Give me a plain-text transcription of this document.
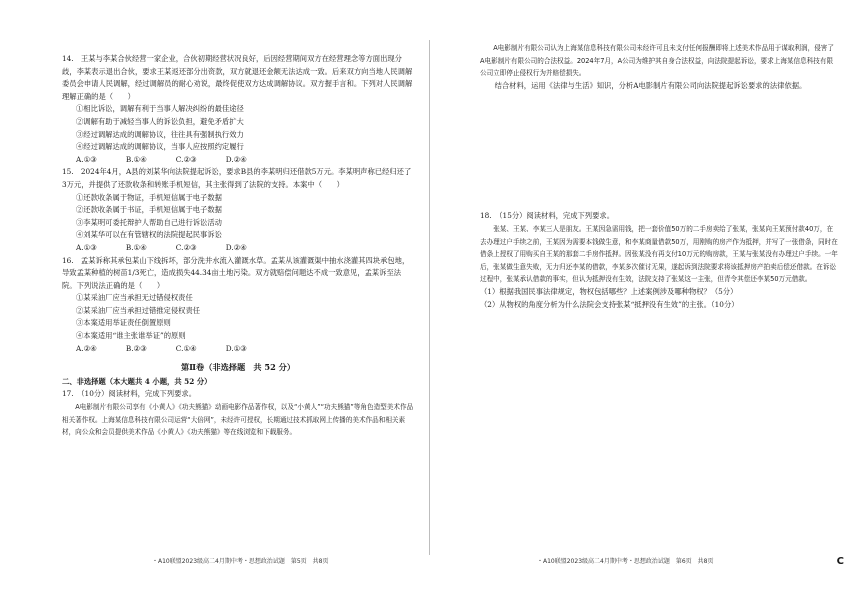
14.　王某与李某合伙经营一家企业，合伙初期经营状况良好，后因经营期间双方在经营理念等方面出现分歧，李某表示退出合伙，要求王某返还部分出资款，双方就退还金额无法达成一致。后来双方向当地人民调解委员会申请人民调解，经过调解员的耐心劝说，最终促使双方达成调解协议。双方握手言和。下列对人民调解理解正确的是（　　）

①相比诉讼，调解有利于当事人解决纠纷的最佳途径

②调解有助于减轻当事人的诉讼负担，避免矛盾扩大

③经过调解达成的调解协议，往往具有强制执行效力

④经过调解达成的调解协议，当事人应按照约定履行

A.①③　　　　B.①④　　　　C.②③　　　　D.②④

15.　2024年4月，A县的刘某华向法院提起诉讼，要求B县的李某明归还借款5万元。李某明声称已经归还了3万元，并提供了还款收条和转账手机短信，其主张得到了法院的支持。本案中（　　）

①还款收条属于物证，手机短信属于电子数据

②还款收条属于书证，手机短信属于电子数据

③李某明可委托辩护人帮助自己进行诉讼活动

④刘某华可以在有管辖权的法院提起民事诉讼

A.①③　　　　B.①④　　　　C.②③　　　　D.②④

16.　孟某诉称其承包某山下线拆坏，部分洗井水流入灌溉水草。孟某从该灌溉渠中抽水浇灌其四块承包地，导致孟某种植的树苗1/3死亡，造成损失44.34亩土地污染。双方就赔偿问题达不成一致意见，孟某诉至法院。下列说法正确的是（　　）

①某采油厂应当承担无过错侵权责任

②某采油厂应当承担过错推定侵权责任

③本案适用举证责任倒置原则

④本案适用“谁主张谁举证”的原则

A.②④　　　　B.②③　　　　C.①④　　　　D.①③

第Ⅱ卷（非选择题　共 52 分）

二、非选择题（本大题共 4 小题，共 52 分）

17.　（10分）阅读材料，完成下列要求。

A电影制片有限公司享有《小黄人》《功夫熊猫》动画电影作品著作权，以及“小黄人”“功夫熊猫”等角色造型美术作品相关著作权。上海某信息科技有限公司运营“大倍网”，未经许可授权，长期通过技术抓取网上传播的美术作品和相关素材，向公众和会员提供美术作品《小黄人》《功夫熊猫》等在线浏览和下载服务。

・A10联盟2023级高二4月期中考・思想政治试题　第5页　共8页

A电影制片有限公司认为上海某信息科技有限公司未经许可且未支付任何报酬即将上述美术作品用于谋取利润，侵害了A电影制片有限公司的合法权益。2024年7月，A公司为维护其自身合法权益，向法院提起诉讼，要求上海某信息科技有限公司立即停止侵权行为并赔偿损失。

结合材料，运用《法律与生活》知识，分析A电影制片有限公司向法院提起诉讼要求的法律依据。

18.　（15分）阅读材料，完成下列要求。

张某、王某、李某三人是朋友。王某因急需用钱，把一套价值50万的二手房卖给了张某，张某向王某预付款40万，在去办理过户手续之前，王某因为需要本钱做生意，和李某商量借款50万，用刚购的房产作为抵押，并写了一张借条，同时在借条上授权了用购买自王某的那套二手房作抵押。因张某没有再支付10万元的购房款，王某与张某没有办理过户手续。一年后，张某做生意失败，无力归还李某的借款，李某多次催讨无果，遂起诉到法院要求将该抵押房产拍卖后偿还借款。在诉讼过程中，张某承认借款的事实，但认为抵押没有生效，法院支持了张某这一主张，但青令其偿还李某50万元借款。

（1）根据我国民事法律规定，物权包括哪些？上述案例涉及哪种物权？（5分）

（2）从物权的角度分析为什么法院会支持张某“抵押没有生效”的主张。（10分）

・A10联盟2023级高二4月期中考・思想政治试题　第6页　共8页	C
